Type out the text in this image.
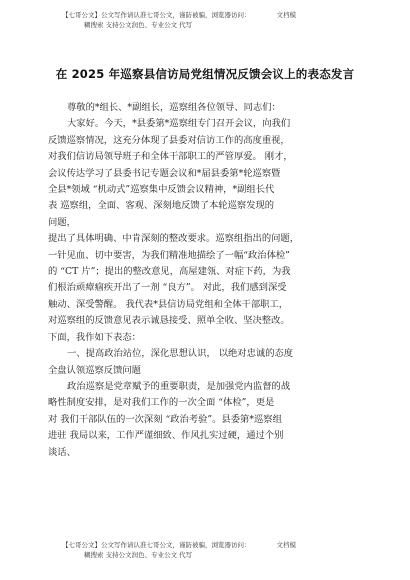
【七哥公文】公文写作请认准七哥公文，谨防被骗，浏览器访问：	文档模
糊搜索 支持公文润色、专业公文 代写
在 2025 年巡察县信访局党组情况反馈会议上的表态发言

尊敬的*组长、*副组长，巡察组各位领导、同志们：

大家好。今天，*县委第*巡察组专门召开会议，向我们

反馈巡察情况，这充分体现了县委对信访工作的高度重视，

对我们信访局领导班子和全体干部职工的严管厚爱。 刚才，

会议传达学习了县委书记专题会议和*届县委第*轮巡察暨

全县*领域 “机动式”巡察集中反馈会议精神，*副组长代

表 巡察组，全面、客观、深刻地反馈了本轮巡察发现的

问题，

提出了具体明确、中肯深刻的整改要求。巡察组指出的问题，

一针见血、切中要害，为我们精准地描绘了一幅“政治体检”

的 “CT 片”；提出的整改意见，高屋建瓴、对症下药，为我

们根治顽瘴痼疾开出了一剂 “良方”。 对此，我们感到深受

触动、深受警醒。 我代表*县信访局党组和全体干部职工，

对巡察组的反馈意见表示诚恳接受、照单全收、坚决整改。

下面，我作如下表态：

一、提高政治站位，深化思想认识， 以绝对忠诚的态度

全盘认领巡察反馈问题

政治巡察是党章赋予的重要职责，是加强党内监督的战

略性制度安排，是对我们工作的一次全面 “体检”，更是

对 我们干部队伍的一次深刻 “政治考验”。县委第*巡察组

进驻 我局以来，工作严谨细致、作风扎实过硬，通过个别

谈话、

【七哥公文】公文写作请认准七哥公文，谨防被骗，浏览器访问：	文档模
糊搜索 支持公文润色、专业公文 代写
